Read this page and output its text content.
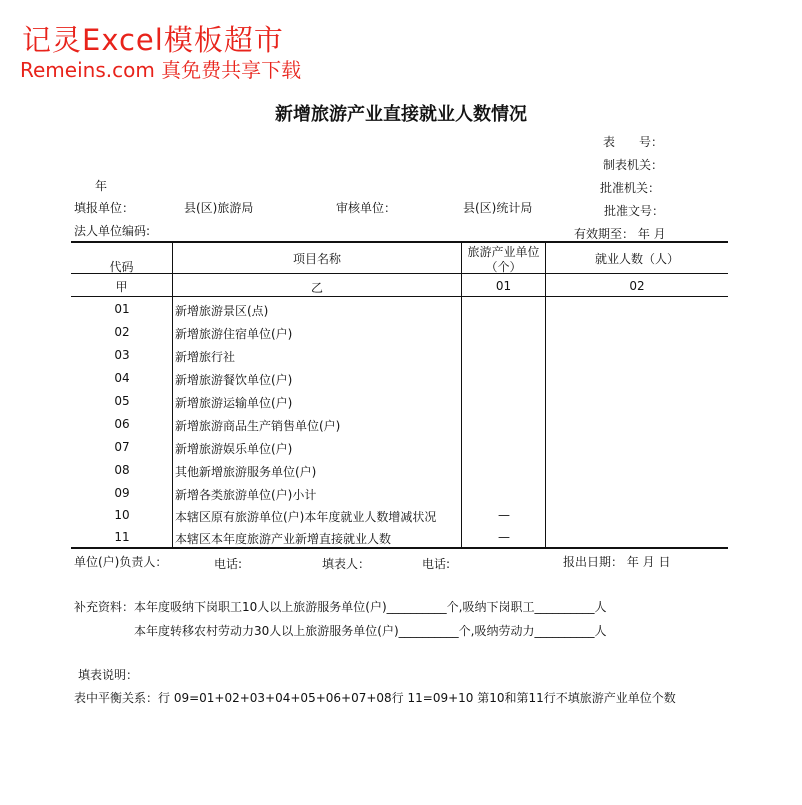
记灵Excel模板超市
Remeins.com 真免费共享下载
新增旅游产业直接就业人数情况
表　　号：
制表机关：
批准机关：
批准文号：
有效期至： 年 月
年
填报单位：	县(区)旅游局	审核单位：	县(区)统计局
法人单位编码:
代码
项目名称	旅游产业单位
（个）
就业人数（人）
甲	乙	01	02
01	新增旅游景区(点)
02	新增旅游住宿单位(户)
03	新增旅行社
04	新增旅游餐饮单位(户)
05	新增旅游运输单位(户)
06	新增旅游商品生产销售单位(户)
07	新增旅游娱乐单位(户)
08	其他新增旅游服务单位(户)
09	新增各类旅游单位(户)小计
10	本辖区原有旅游单位(户)本年度就业人数增减状况	—
11	本辖区本年度旅游产业新增直接就业人数	—
单位(户)负责人：	电话:	填表人：	电话:	报出日期： 年 月 日
补充资料：本年度吸纳下岗职工10人以上旅游服务单位(户)__________个,吸纳下岗职工__________人
本年度转移农村劳动力30人以上旅游服务单位(户)__________个,吸纳劳动力__________人
填表说明：
表中平衡关系：行 09=01+02+03+04+05+06+07+08行 11=09+10 第10和第11行不填旅游产业单位个数
